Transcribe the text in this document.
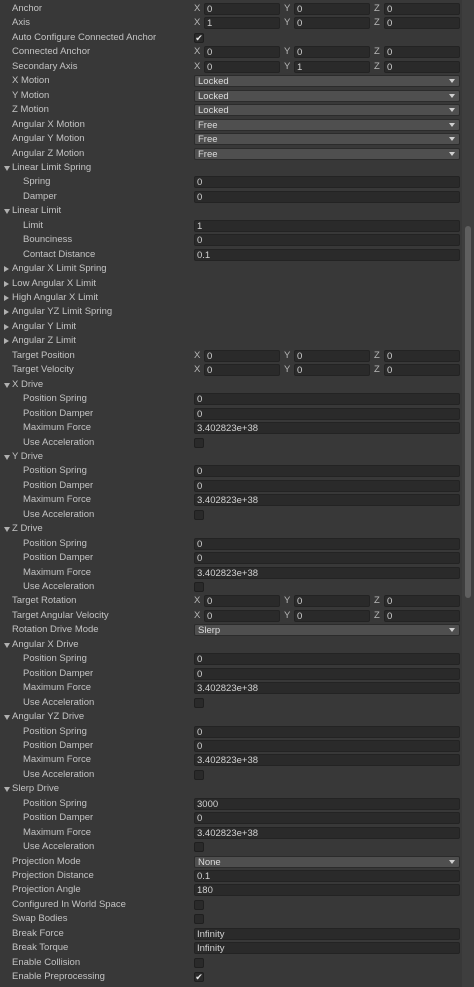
Anchor	X 0	Y 0	Z 0
Axis	X 1	Y 0	Z 0
Auto Configure Connected Anchor	✔
Connected Anchor	X 0	Y 0	Z 0
Secondary Axis	X 0	Y 1	Z 0
X Motion	Locked
Y Motion	Locked
Z Motion	Locked
Angular X Motion	Free
Angular Y Motion	Free
Angular Z Motion	Free
Linear Limit Spring
Spring	0
Damper	0
Linear Limit
Limit	1
Bounciness	0
Contact Distance	0.1
Angular X Limit Spring
Low Angular X Limit
High Angular X Limit
Angular YZ Limit Spring
Angular Y Limit
Angular Z Limit
Target Position	X 0	Y 0	Z 0
Target Velocity	X 0	Y 0	Z 0
X Drive
Position Spring	0
Position Damper	0
Maximum Force	3.402823e+38
Use Acceleration
Y Drive
Position Spring	0
Position Damper	0
Maximum Force	3.402823e+38
Use Acceleration
Z Drive
Position Spring	0
Position Damper	0
Maximum Force	3.402823e+38
Use Acceleration
Target Rotation	X 0	Y 0	Z 0
Target Angular Velocity	X 0	Y 0	Z 0
Rotation Drive Mode	Slerp
Angular X Drive
Position Spring	0
Position Damper	0
Maximum Force	3.402823e+38
Use Acceleration
Angular YZ Drive
Position Spring	0
Position Damper	0
Maximum Force	3.402823e+38
Use Acceleration
Slerp Drive
Position Spring	3000
Position Damper	0
Maximum Force	3.402823e+38
Use Acceleration
Projection Mode	None
Projection Distance	0.1
Projection Angle	180
Configured In World Space
Swap Bodies
Break Force	Infinity
Break Torque	Infinity
Enable Collision
Enable Preprocessing	✔
